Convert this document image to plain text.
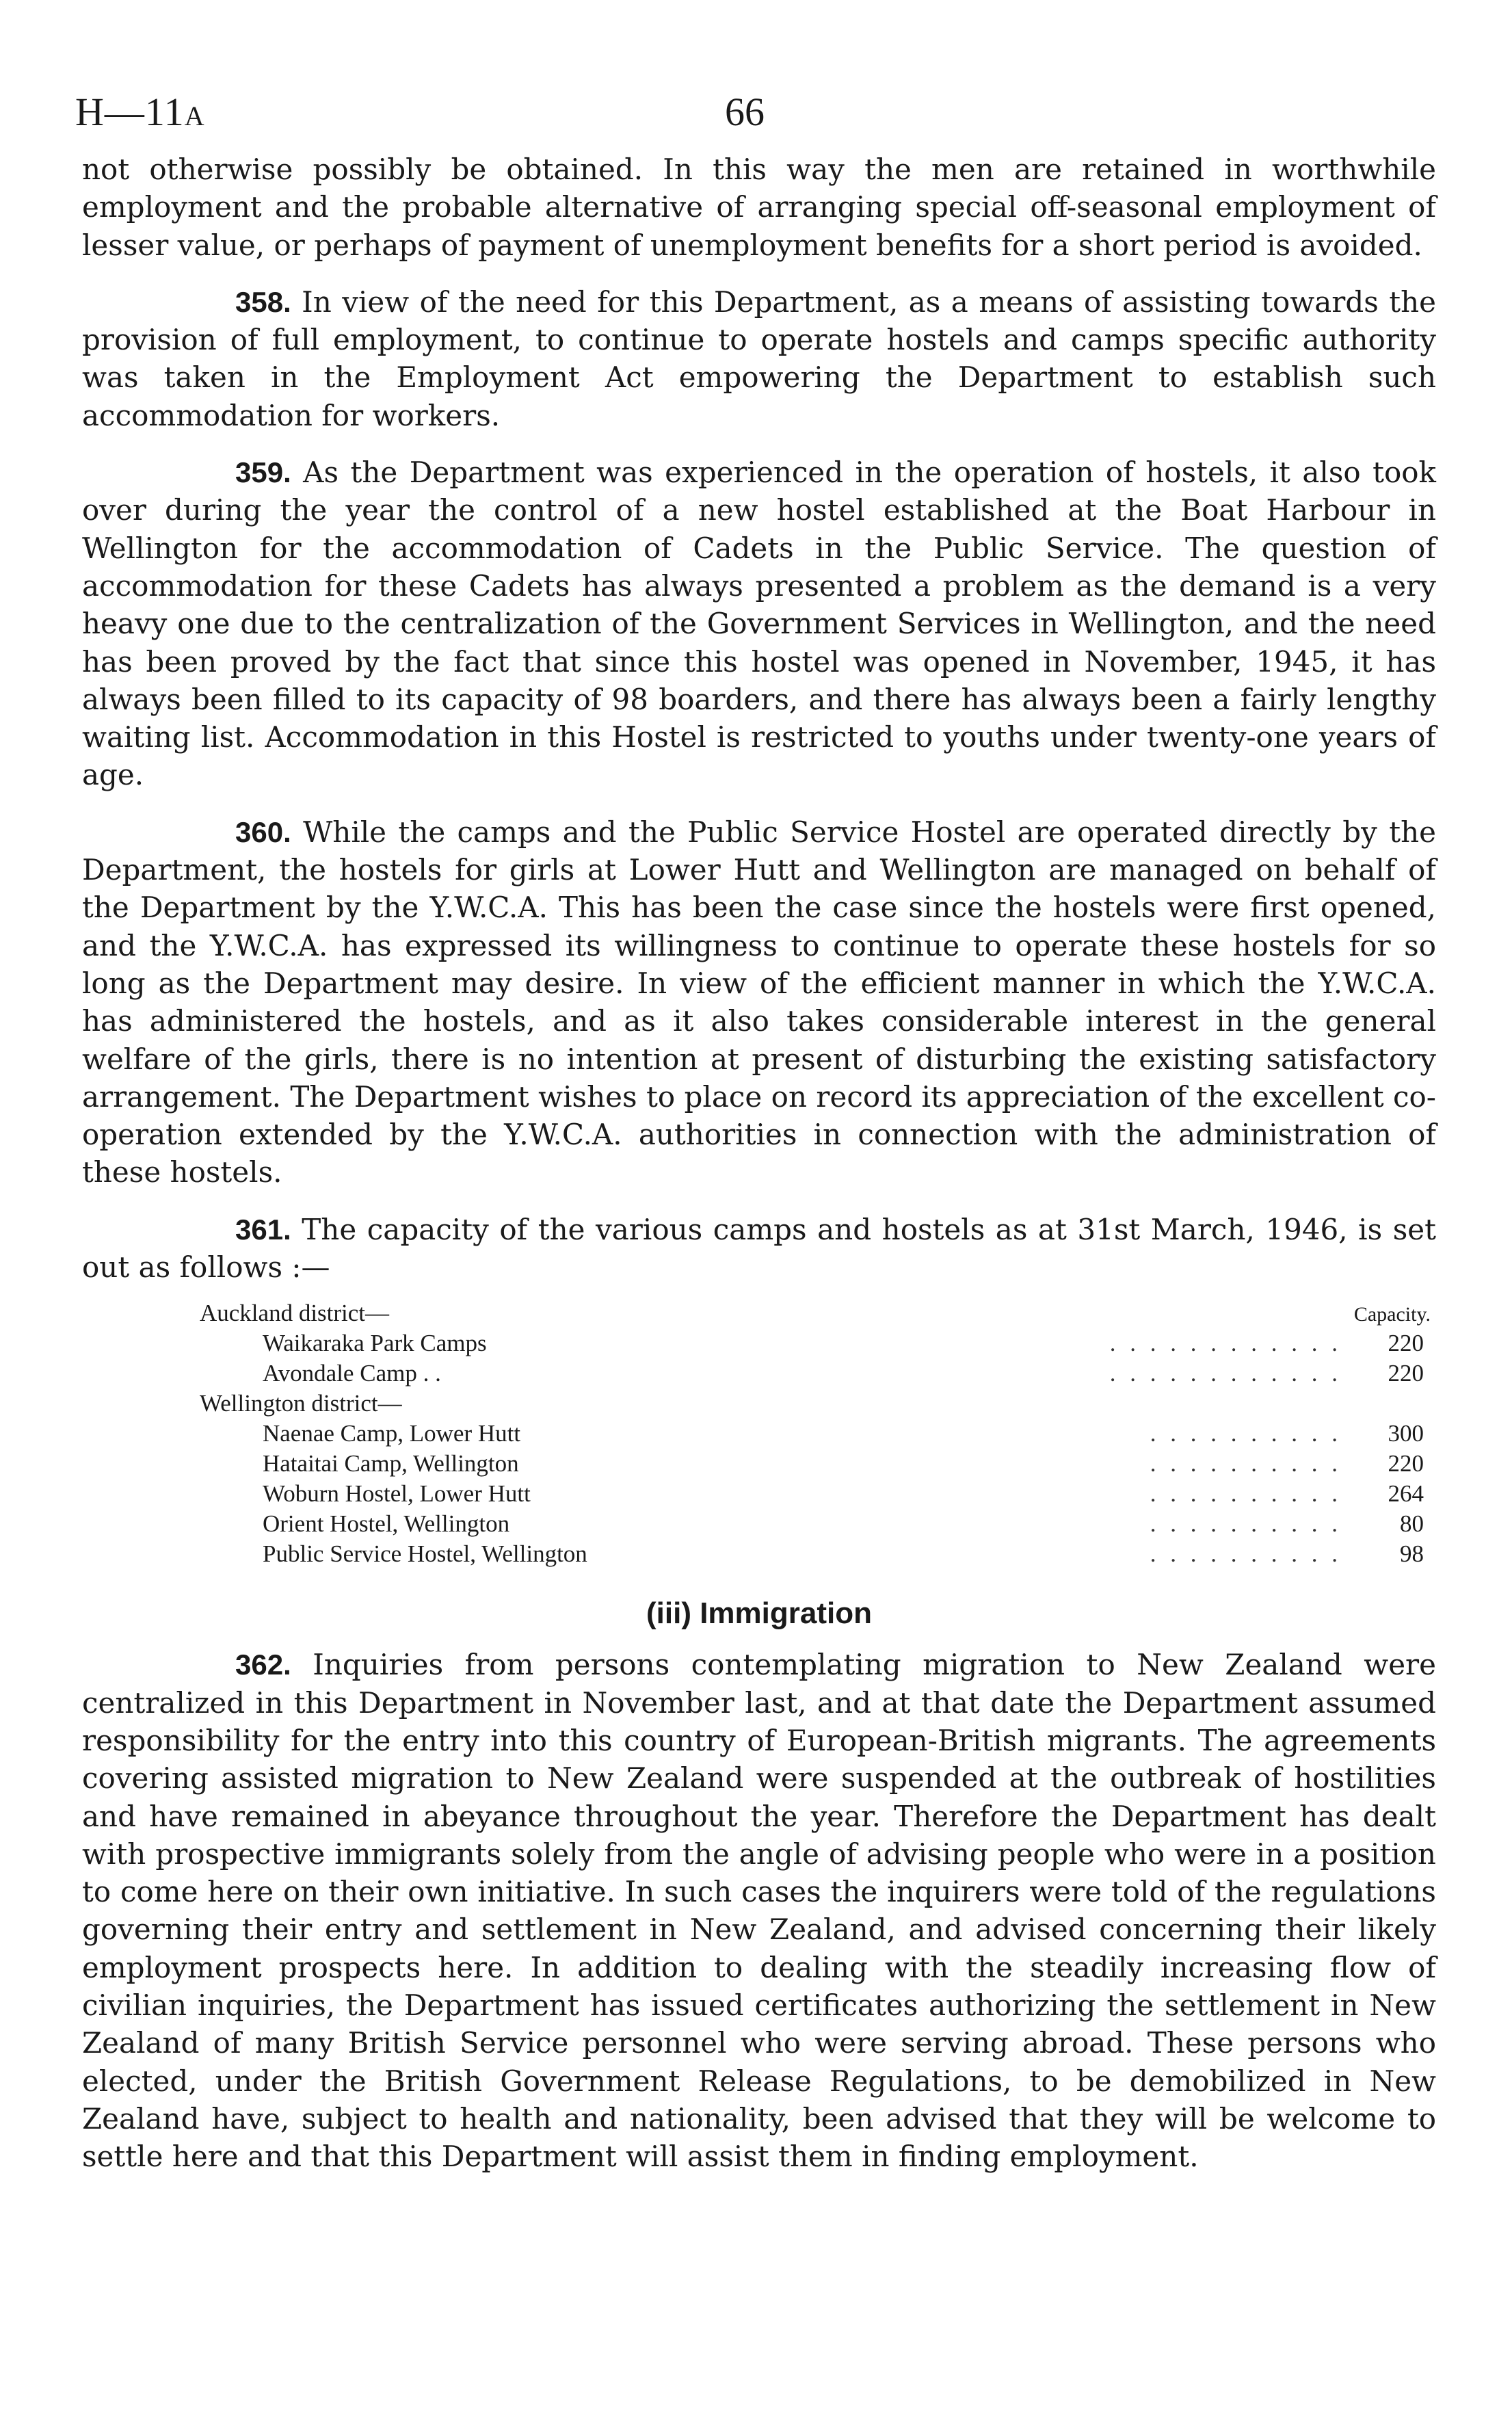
H—11A	66

not otherwise possibly be obtained. In this way the men are retained in worthwhile employment and the probable alternative of arranging special off-seasonal employment of lesser value, or perhaps of payment of unemployment benefits for a short period is avoided.

358. In view of the need for this Department, as a means of assisting towards the provision of full employment, to continue to operate hostels and camps specific authority was taken in the Employment Act empowering the Department to establish such accommodation for workers.

359. As the Department was experienced in the operation of hostels, it also took over during the year the control of a new hostel established at the Boat Harbour in Wellington for the accommodation of Cadets in the Public Service. The question of accommodation for these Cadets has always presented a problem as the demand is a very heavy one due to the centralization of the Government Services in Wellington, and the need has been proved by the fact that since this hostel was opened in November, 1945, it has always been filled to its capacity of 98 boarders, and there has always been a fairly lengthy waiting list. Accommodation in this Hostel is restricted to youths under twenty-one years of age.

360. While the camps and the Public Service Hostel are operated directly by the Department, the hostels for girls at Lower Hutt and Wellington are managed on behalf of the Department by the Y.W.C.A. This has been the case since the hostels were first opened, and the Y.W.C.A. has expressed its willingness to continue to operate these hostels for so long as the Department may desire. In view of the efficient manner in which the Y.W.C.A. has administered the hostels, and as it also takes considerable interest in the general welfare of the girls, there is no intention at present of disturbing the existing satisfactory arrangement. The Department wishes to place on record its appreciation of the excellent co-operation extended by the Y.W.C.A. authorities in connection with the administration of these hostels.

361. The capacity of the various camps and hostels as at 31st March, 1946, is set out as follows :—

Auckland district—	Capacity.
Waikaraka Park Camps	. . . . . . . . . . . .	220
Avondale Camp . .	. . . . . . . . . . . .	220
Wellington district—
Naenae Camp, Lower Hutt	. . . . . . . . . .	300
Hataitai Camp, Wellington	. . . . . . . . . .	220
Woburn Hostel, Lower Hutt	. . . . . . . . . .	264
Orient Hostel, Wellington	. . . . . . . . . .	80
Public Service Hostel, Wellington	. . . . . . . . . .	98
(iii) Immigration

362. Inquiries from persons contemplating migration to New Zealand were centralized in this Department in November last, and at that date the Department assumed responsibility for the entry into this country of European-British migrants. The agreements covering assisted migration to New Zealand were suspended at the outbreak of hostilities and have remained in abeyance throughout the year. Therefore the Department has dealt with prospective immigrants solely from the angle of advising people who were in a position to come here on their own initiative. In such cases the inquirers were told of the regulations governing their entry and settlement in New Zealand, and advised concerning their likely employment prospects here. In addition to dealing with the steadily increasing flow of civilian inquiries, the Department has issued certificates authorizing the settlement in New Zealand of many British Service personnel who were serving abroad. These persons who elected, under the British Government Release Regulations, to be demobilized in New Zealand have, subject to health and nationality, been advised that they will be welcome to settle here and that this Department will assist them in finding employment.
